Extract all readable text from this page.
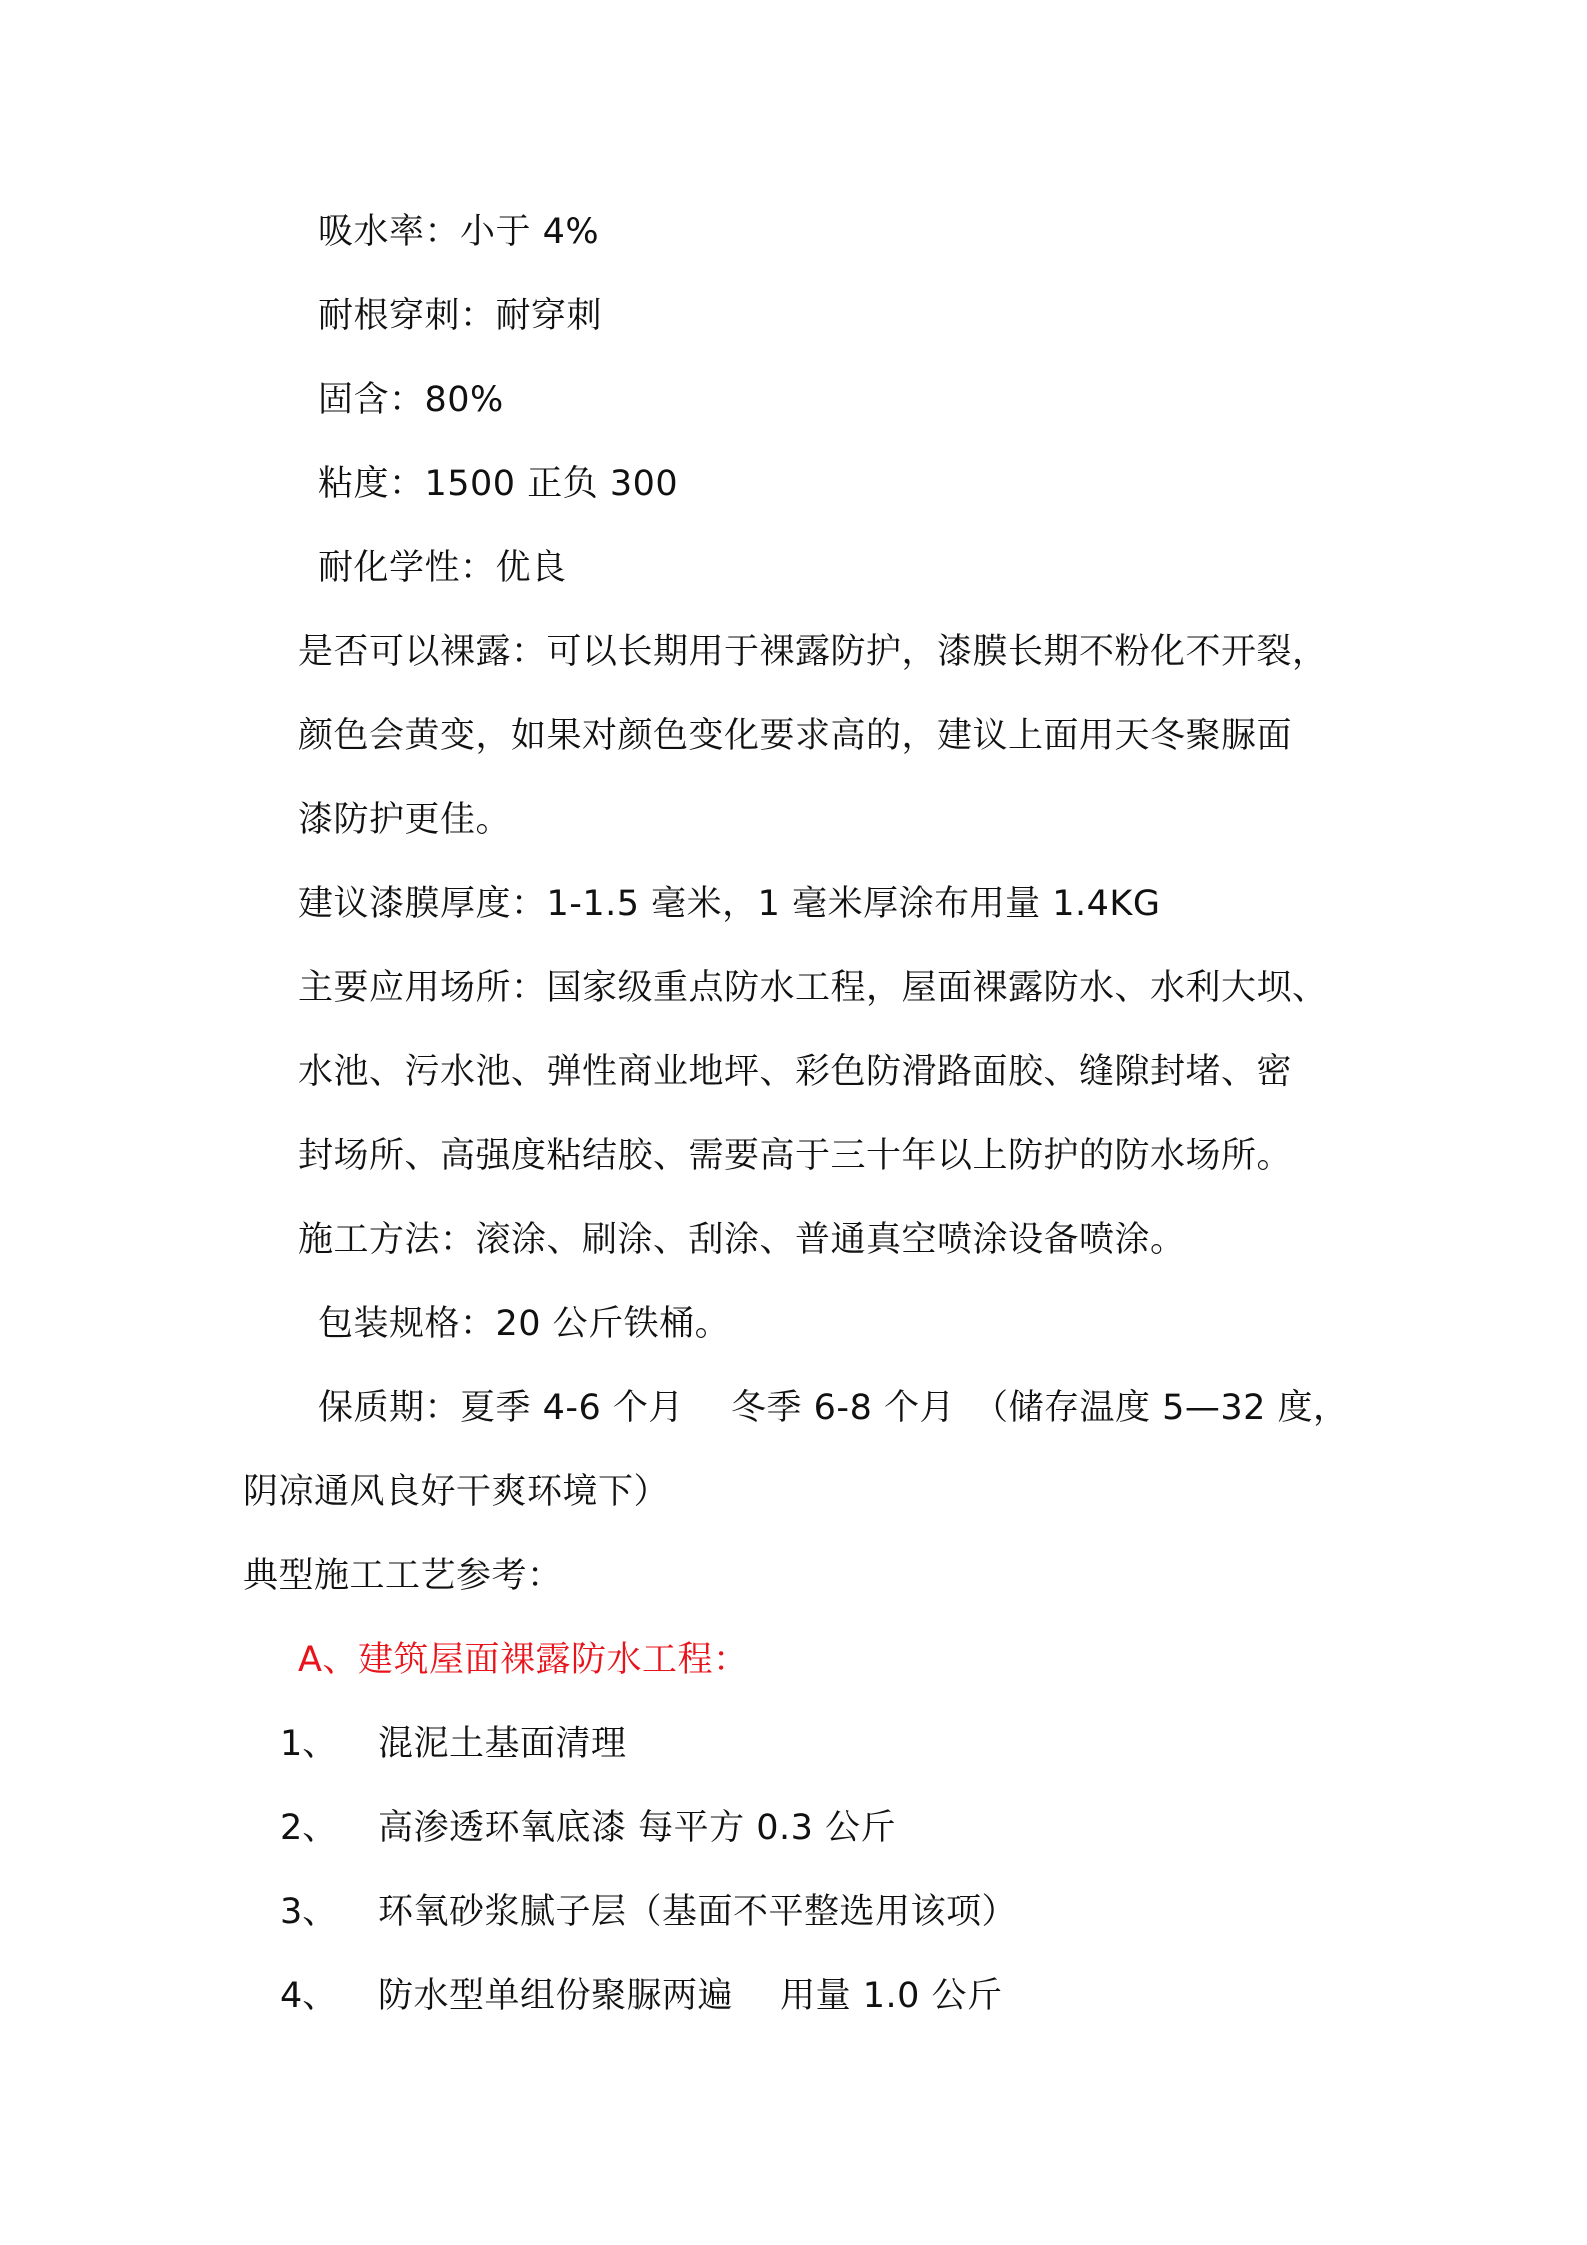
吸水率：小于 4%
耐根穿刺：耐穿刺
固含：80%
粘度：1500 正负 300
耐化学性：优良
是否可以裸露：可以长期用于裸露防护，漆膜长期不粉化不开裂，
颜色会黄变，如果对颜色变化要求高的，建议上面用天冬聚脲面
漆防护更佳。
建议漆膜厚度：1-1.5 毫米，1 毫米厚涂布用量 1.4KG
主要应用场所：国家级重点防水工程，屋面裸露防水、水利大坝、
水池、污水池、弹性商业地坪、彩色防滑路面胶、缝隙封堵、密
封场所、高强度粘结胶、需要高于三十年以上防护的防水场所。
施工方法：滚涂、刷涂、刮涂、普通真空喷涂设备喷涂。
包装规格：20 公斤铁桶。
保质期：夏季 4-6 个月　 冬季 6-8 个月　（储存温度 5—32 度，
阴凉通风良好干爽环境下）
典型施工工艺参考：
A、建筑屋面裸露防水工程：
1、 混泥土基面清理
2、 高渗透环氧底漆 每平方 0.3 公斤
3、 环氧砂浆腻子层（基面不平整选用该项）
4、 防水型单组份聚脲两遍　 用量 1.0 公斤
